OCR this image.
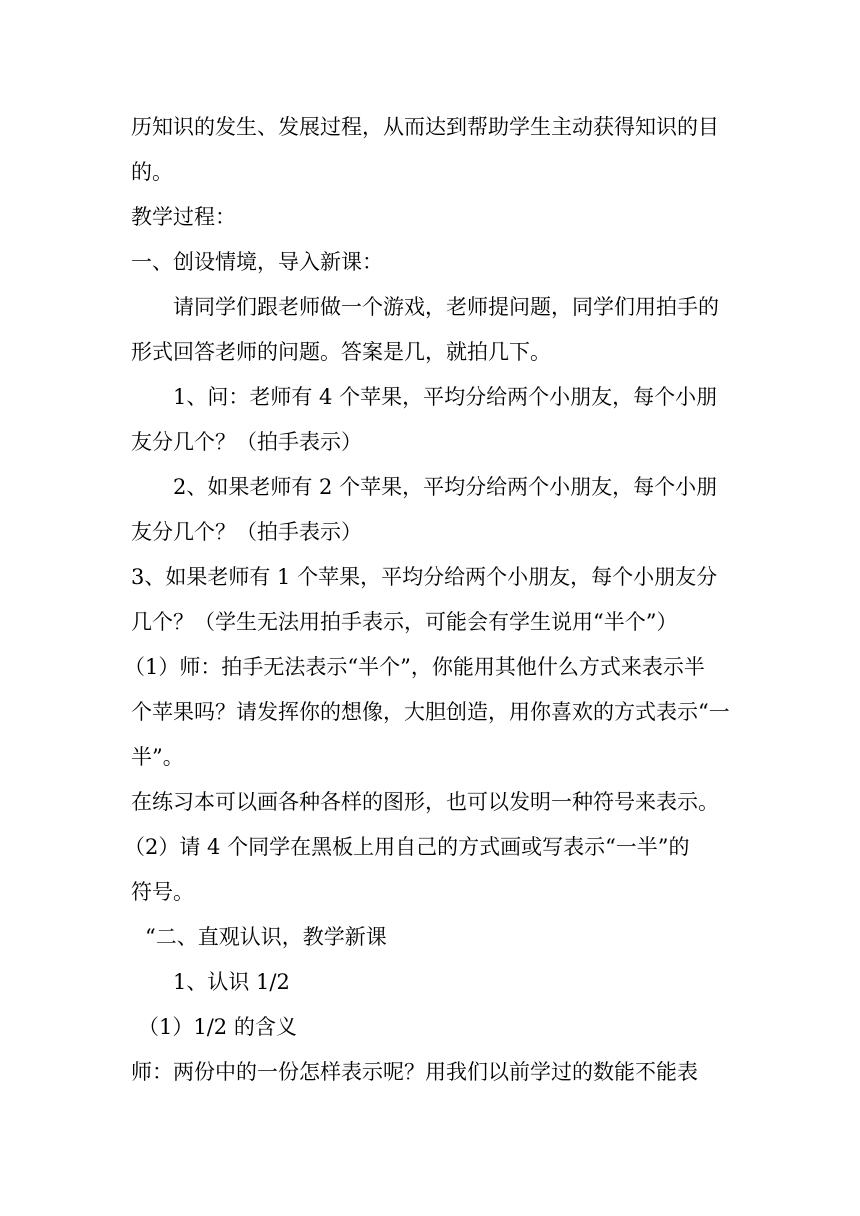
历知识的发生、发展过程，从而达到帮助学生主动获得知识的目

的。

教学过程：

一、创设情境，导入新课：

请同学们跟老师做一个游戏，老师提问题，同学们用拍手的

形式回答老师的问题。答案是几，就拍几下。

1、问：老师有 4 个苹果，平均分给两个小朋友，每个小朋

友分几个？（拍手表示）

2、如果老师有 2 个苹果，平均分给两个小朋友，每个小朋

友分几个？（拍手表示）

3、如果老师有 1 个苹果，平均分给两个小朋友，每个小朋友分

几个？（学生无法用拍手表示，可能会有学生说用“半个”）

（1）师：拍手无法表示“半个”，你能用其他什么方式来表示半

个苹果吗？请发挥你的想像，大胆创造，用你喜欢的方式表示“一

半”。

在练习本可以画各种各样的图形，也可以发明一种符号来表示。

（2）请 4 个同学在黑板上用自己的方式画或写表示“一半”的

符号。

“二、直观认识，教学新课

1、认识 1/2

（1）1/2 的含义

师：两份中的一份怎样表示呢？用我们以前学过的数能不能表
